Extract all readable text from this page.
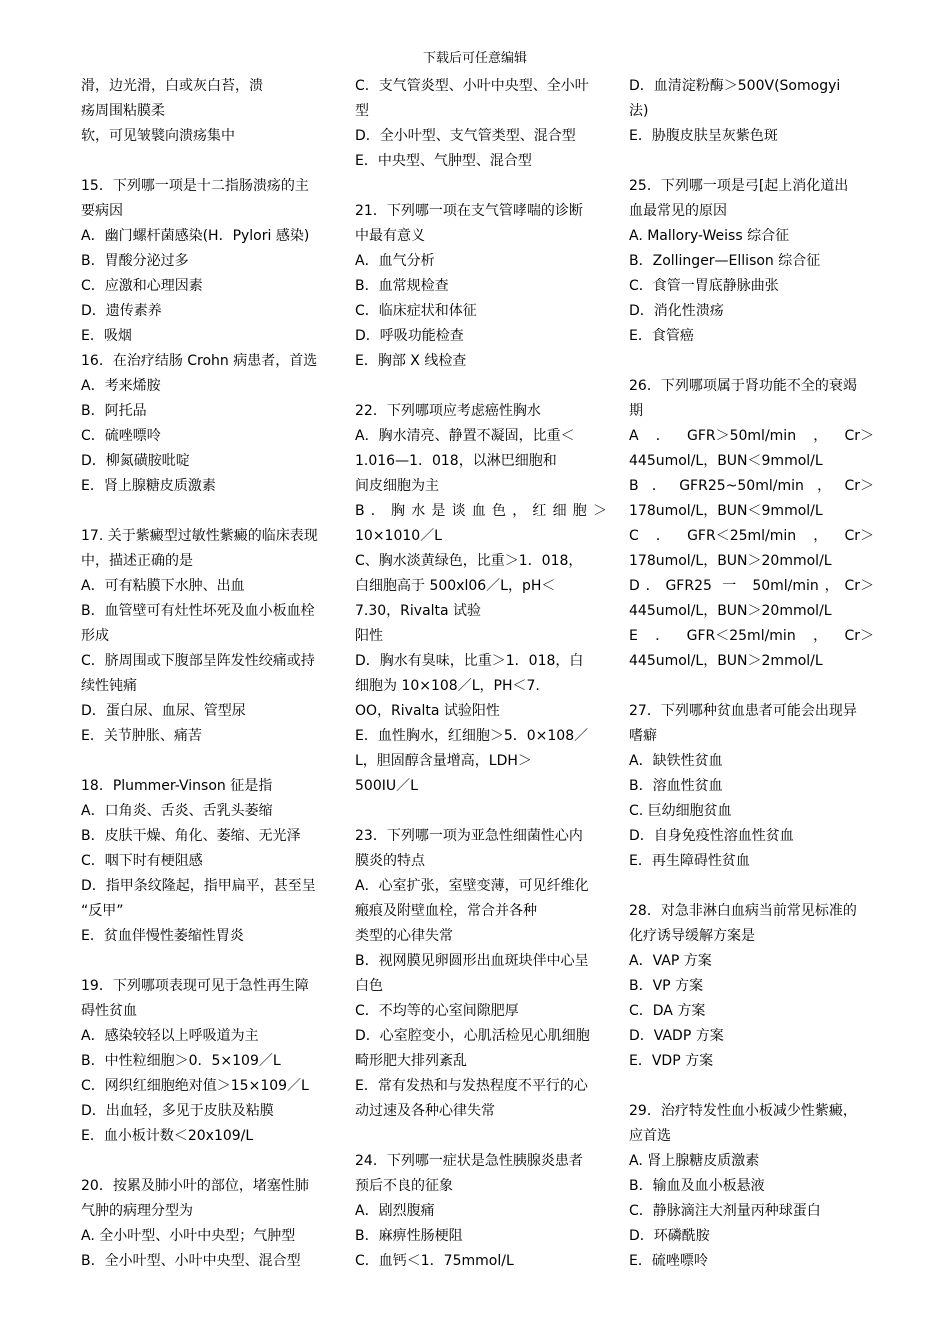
下载后可任意编辑

滑，边光滑，白或灰白苔，溃

疡周围粘膜柔

软，可见皱襞向溃疡集中

15．下列哪一项是十二指肠溃疡的主

要病因

A．幽门螺杆菌感染(H．Pylori 感染)

B．胃酸分泌过多

C．应激和心理因素

D．遗传素养

E．吸烟

16．在治疗结肠 Crohn 病患者，首选

A．考来烯胺

B．阿托品

C．硫唑嘌呤

D．柳氮磺胺吡啶

E．肾上腺糖皮质激素

17. 关于紫癜型过敏性紫癜的临床表现

中，描述正确的是

A．可有粘膜下水肿、出血

B．血管壁可有灶性坏死及血小板血栓

形成

C．脐周围或下腹部呈阵发性绞痛或持

续性钝痛

D．蛋白尿、血尿、管型尿

E．关节肿胀、痛苦

18．Plummer-Vinson 征是指

A．口角炎、舌炎、舌乳头萎缩

B．皮肤干燥、角化、萎缩、无光泽

C．咽下时有梗阻感

D．指甲条纹隆起，指甲扁平，甚至呈

“反甲”

E．贫血伴慢性萎缩性胃炎

19．下列哪项表现可见于急性再生障

碍性贫血

A．感染较轻以上呼吸道为主

B．中性粒细胞＞0．5×109／L

C．网织红细胞绝对值＞15×109／L

D．出血轻，多见于皮肤及粘膜

E．血小板计数＜20x109/L

20．按累及肺小叶的部位，堵塞性肺

气肿的病理分型为

A. 全小叶型、小叶中央型；气肿型

B．全小叶型、小叶中央型、混合型

C．支气管炎型、小叶中央型、全小叶

型

D．全小叶型、支气管类型、混合型

E．中央型、气肿型、混合型

21．下列哪一项在支气管哮喘的诊断

中最有意义

A．血气分析

B．血常规检查

C．临床症状和体征

D．呼吸功能检查

E．胸部 X 线检查

22．下列哪项应考虑癌性胸水

A．胸水清亮、静置不凝固，比重＜

1.016—1．018，以淋巴细胞和

间皮细胞为主

B．胸水是谈血色，红细胞＞

10×1010／L

C、胸水淡黄绿色，比重＞1．018，

白细胞高于 500xl06／L，pH＜

7.30，Rivalta 试验

阳性

D．胸水有臭味，比重＞1．018，白

细胞为 10×108／L，PH＜7.

OO，Rivalta 试验阳性

E．血性胸水，红细胞＞5．0×108／

L，胆固醇含量增高，LDH＞

500IU／L

23．下列哪一项为亚急性细菌性心内

膜炎的特点

A．心室扩张，室壁变薄，可见纤维化

瘢痕及附壁血栓，常合并各种

类型的心律失常

B．视网膜见卵圆形出血斑块伴中心呈

白色

C．不均等的心室间隙肥厚

D．心室腔变小，心肌活检见心肌细胞

畸形肥大排列紊乱

E．常有发热和与发热程度不平行的心

动过速及各种心律失常

24．下列哪一症状是急性胰腺炎患者

预后不良的征象

A．剧烈腹痛

B．麻痹性肠梗阻

C．血钙＜1．75mmol/L

D．血清淀粉酶＞500V(Somogyi

法)

E．胁腹皮肤呈灰紫色斑

25．下列哪一项是弓[起上消化道出

血最常见的原因

A. Mallory-Weiss 综合征

B．Zollinger—Ellison 综合征

C．食管一胃底静脉曲张

D．消化性溃疡

E．食管癌

26．下列哪项属于肾功能不全的衰竭

期

A．GFR＞50ml/min，Cr＞

445umol/L，BUN＜9mmol/L

B．GFR25~50ml/min，Cr＞

178umol/L，BUN＜9mmol/L

C．GFR＜25ml/min，Cr＞

178umol/L，BUN＞20mmol/L

D．GFR25 一 50ml/min，Cr＞

445umol/L，BUN＞20mmol/L

E．GFR＜25ml/min，Cr＞

445umol/L，BUN＞2mmol/L

27．下列哪种贫血患者可能会出现异

嗜癖

A．缺铁性贫血

B．溶血性贫血

C. 巨幼细胞贫血

D．自身免疫性溶血性贫血

E．再生障碍性贫血

28．对急非淋白血病当前常见标准的

化疗诱导缓解方案是

A．VAP 方案

B．VP 方案

C．DA 方案

D．VADP 方案

E．VDP 方案

29．治疗特发性血小板减少性紫癜，

应首选

A. 肾上腺糖皮质激素

B．输血及血小板悬液

C．静脉滴注大剂量丙种球蛋白

D．环磷酰胺

E．硫唑嘌呤
